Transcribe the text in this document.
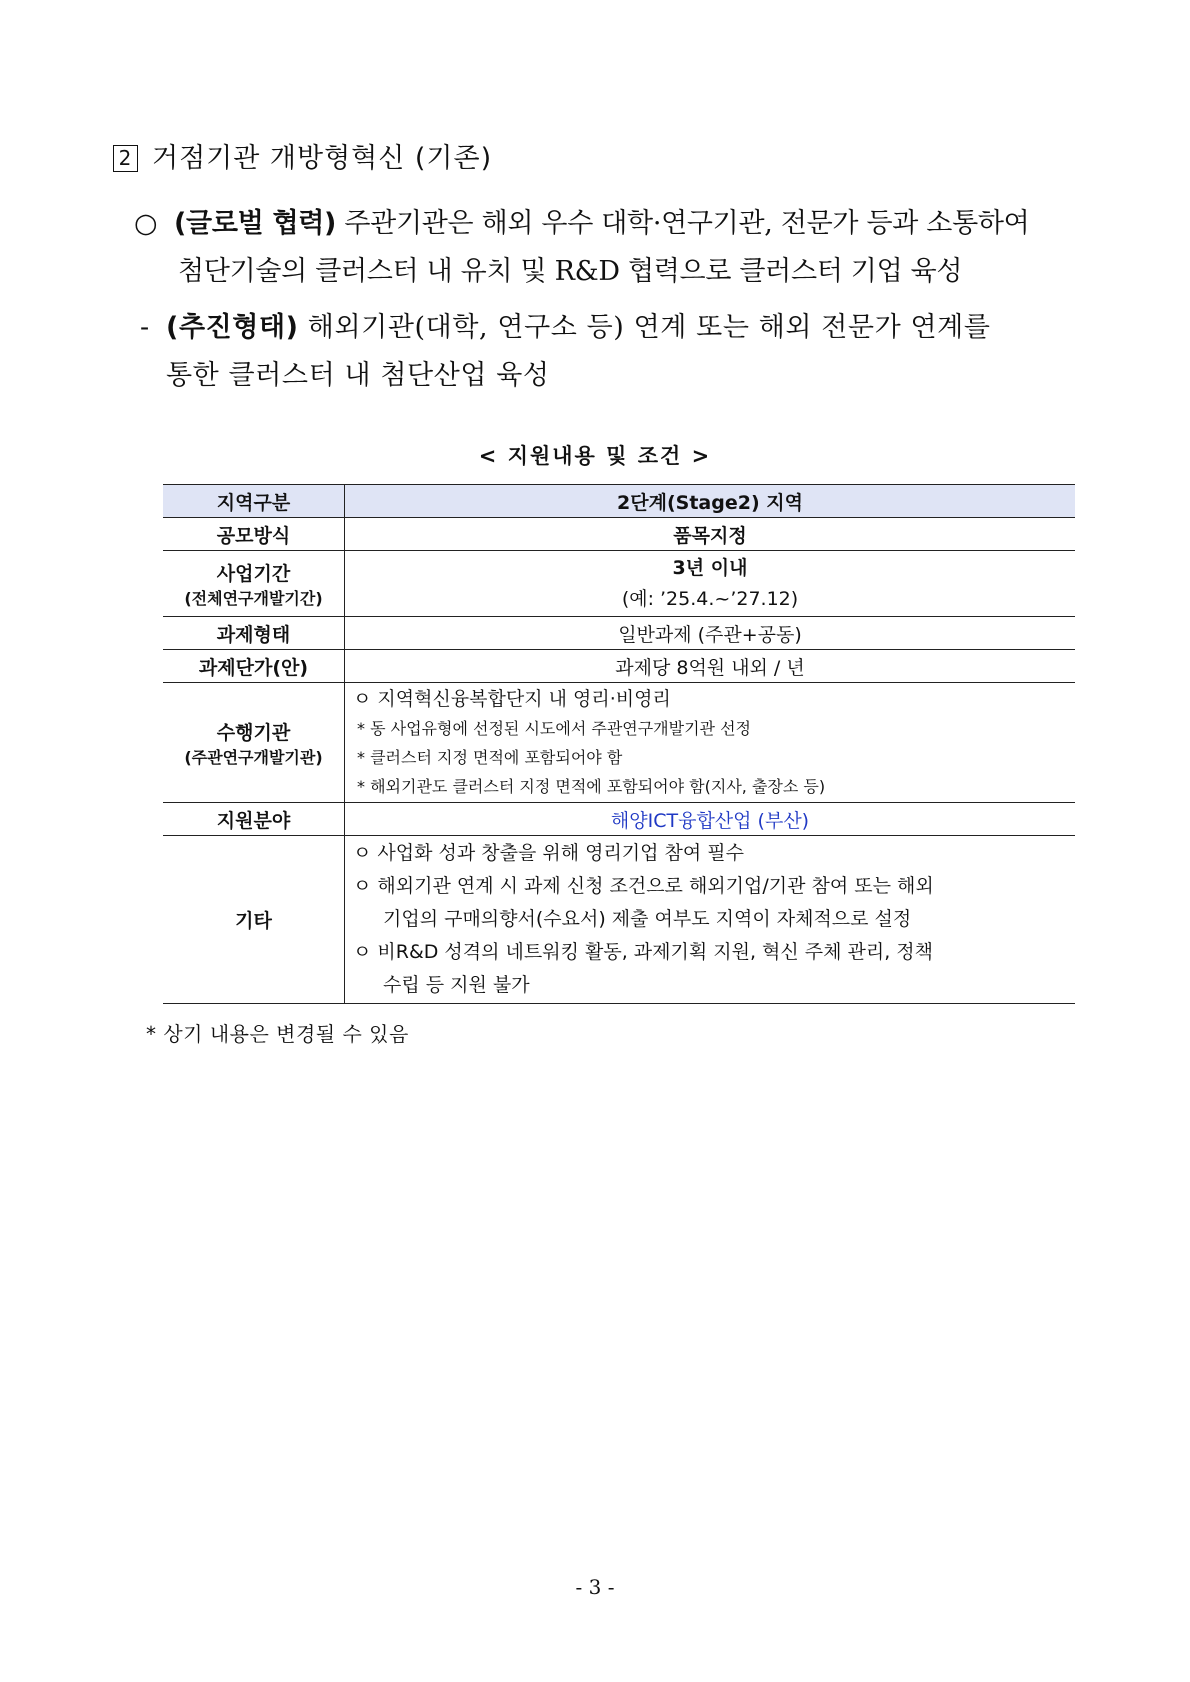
2 거점기관 개방형혁신 (기존)
○ (글로벌 협력) 주관기관은 해외 우수 대학·연구기관, 전문가 등과 소통하여
첨단기술의 클러스터 내 유치 및 R&D 협력으로 클러스터 기업 육성
- (추진형태) 해외기관(대학, 연구소 등) 연계 또는 해외 전문가 연계를
통한 클러스터 내 첨단산업 육성
< 지원내용 및 조건 >
지역구분	2단계(Stage2) 지역
공모방식	품목지정
사업기간
(전체연구개발기간)	3년 이내
(예: ’25.4.~’27.12)

과제형태	일반과제 (주관+공동)
과제단가(안)	과제당 8억원 내외 / 년
수행기관
(주관연구개발기관)	ㅇ 지역혁신융복합단지 내 영리·비영리
* 동 사업유형에 선정된 시도에서 주관연구개발기관 선정
* 클러스터 지정 면적에 포함되어야 함
* 해외기관도 클러스터 지정 면적에 포함되어야 함(지사, 출장소 등)

지원분야	해양ICT융합산업 (부산)
기타	ㅇ 사업화 성과 창출을 위해 영리기업 참여 필수
ㅇ 해외기관 연계 시 과제 신청 조건으로 해외기업/기관 참여 또는 해외
기업의 구매의향서(수요서) 제출 여부도 지역이 자체적으로 설정
ㅇ 비R&D 성격의 네트워킹 활동, 과제기획 지원, 혁신 주체 관리, 정책
수립 등 지원 불가
* 상기 내용은 변경될 수 있음
- 3 -
